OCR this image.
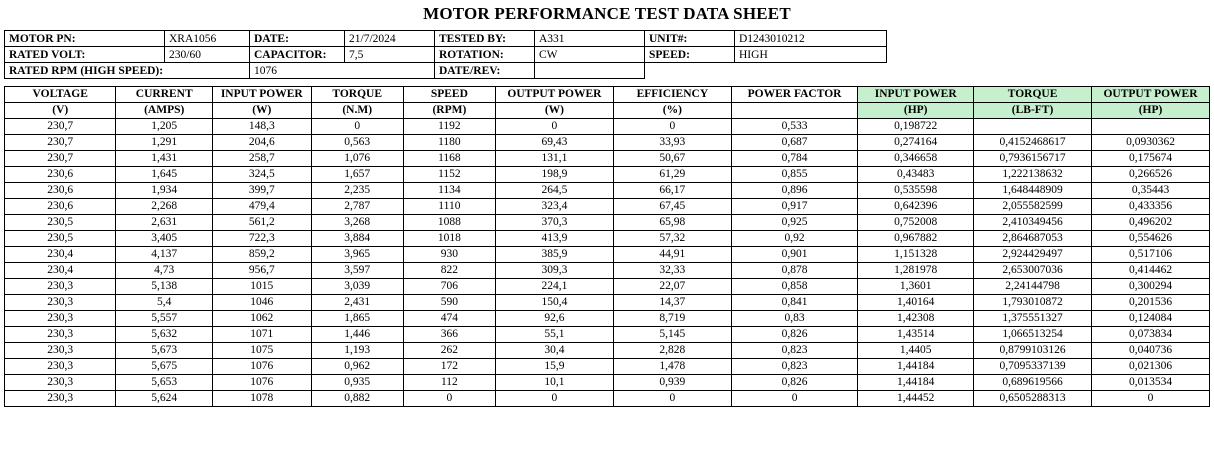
MOTOR PERFORMANCE TEST DATA SHEET
MOTOR PN:	XRA1056	DATE:	21/7/2024	TESTED BY:	A331	UNIT#:	D1243010212
RATED VOLT:	230/60	CAPACITOR:	7,5	ROTATION:	CW	SPEED:	HIGH
RATED RPM (HIGH SPEED):		1076		DATE/REV:			
VOLTAGE	CURRENT	INPUT POWER	TORQUE	SPEED	OUTPUT POWER	EFFICIENCY	POWER FACTOR	INPUT POWER	TORQUE	OUTPUT POWER
(V)	(AMPS)	(W)	(N.M)	(RPM)	(W)	(%)		(HP)	(LB-FT)	(HP)
230,7	1,205	148,3	0	1192	0	0	0,533	0,198722		
230,7	1,291	204,6	0,563	1180	69,43	33,93	0,687	0,274164	0,4152468617	0,0930362
230,7	1,431	258,7	1,076	1168	131,1	50,67	0,784	0,346658	0,7936156717	0,175674
230,6	1,645	324,5	1,657	1152	198,9	61,29	0,855	0,43483	1,222138632	0,266526
230,6	1,934	399,7	2,235	1134	264,5	66,17	0,896	0,535598	1,648448909	0,35443
230,6	2,268	479,4	2,787	1110	323,4	67,45	0,917	0,642396	2,055582599	0,433356
230,5	2,631	561,2	3,268	1088	370,3	65,98	0,925	0,752008	2,410349456	0,496202
230,5	3,405	722,3	3,884	1018	413,9	57,32	0,92	0,967882	2,864687053	0,554626
230,4	4,137	859,2	3,965	930	385,9	44,91	0,901	1,151328	2,924429497	0,517106
230,4	4,73	956,7	3,597	822	309,3	32,33	0,878	1,281978	2,653007036	0,414462
230,3	5,138	1015	3,039	706	224,1	22,07	0,858	1,3601	2,24144798	0,300294
230,3	5,4	1046	2,431	590	150,4	14,37	0,841	1,40164	1,793010872	0,201536
230,3	5,557	1062	1,865	474	92,6	8,719	0,83	1,42308	1,375551327	0,124084
230,3	5,632	1071	1,446	366	55,1	5,145	0,826	1,43514	1,066513254	0,073834
230,3	5,673	1075	1,193	262	30,4	2,828	0,823	1,4405	0,8799103126	0,040736
230,3	5,675	1076	0,962	172	15,9	1,478	0,823	1,44184	0,7095337139	0,021306
230,3	5,653	1076	0,935	112	10,1	0,939	0,826	1,44184	0,689619566	0,013534
230,3	5,624	1078	0,882	0	0	0	0	1,44452	0,6505288313	0
